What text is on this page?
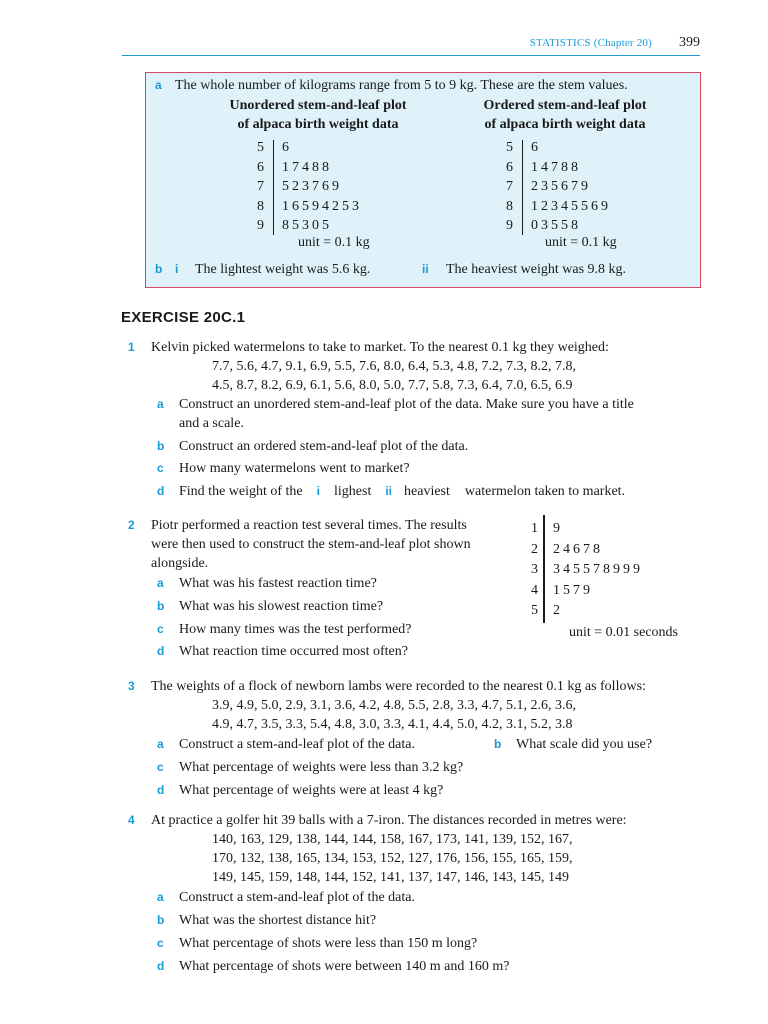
STATISTICS (Chapter 20) 399
a The whole number of kilograms range from 5 to 9 kg. These are the stem values.
Unordered stem-and-leaf plot
of alpaca birth weight data
Ordered stem-and-leaf plot
of alpaca birth weight data
5
6
7
8
9
6
17488
523769
16594253
85305
unit = 0.1 kg
5
6
7
8
9
6
14788
235679
12345569
03558
unit = 0.1 kg
b i The lightest weight was 5.6 kg.	ii The heaviest weight was 9.8 kg.
EXERCISE 20C.1
1 Kelvin picked watermelons to take to market. To the nearest 0.1 kg they weighed:
7.7, 5.6, 4.7, 9.1, 6.9, 5.5, 7.6, 8.0, 6.4, 5.3, 4.8, 7.2, 7.3, 8.2, 7.8,
4.5, 8.7, 8.2, 6.9, 6.1, 5.6, 8.0, 5.0, 7.7, 5.8, 7.3, 6.4, 7.0, 6.5, 6.9
a Construct an unordered stem-and-leaf plot of the data. Make sure you have a title
and a scale.
b Construct an ordered stem-and-leaf plot of the data.
c How many watermelons went to market?
d Find the weight of the i lighest ii heaviest watermelon taken to market.
2 Piotr performed a reaction test several times. The results
were then used to construct the stem-and-leaf plot shown
alongside.
a What was his fastest reaction time?
b What was his slowest reaction time?
c How many times was the test performed?
d What reaction time occurred most often?
1
2
3
4
5
9
24678
345578999
1579
2
unit = 0.01 seconds
3 The weights of a flock of newborn lambs were recorded to the nearest 0.1 kg as follows:
3.9, 4.9, 5.0, 2.9, 3.1, 3.6, 4.2, 4.8, 5.5, 2.8, 3.3, 4.7, 5.1, 2.6, 3.6,
4.9, 4.7, 3.5, 3.3, 5.4, 4.8, 3.0, 3.3, 4.1, 4.4, 5.0, 4.2, 3.1, 5.2, 3.8
a Construct a stem-and-leaf plot of the data.	b What scale did you use?
c What percentage of weights were less than 3.2 kg?
d What percentage of weights were at least 4 kg?
4 At practice a golfer hit 39 balls with a 7-iron. The distances recorded in metres were:
140, 163, 129, 138, 144, 144, 158, 167, 173, 141, 139, 152, 167,
170, 132, 138, 165, 134, 153, 152, 127, 176, 156, 155, 165, 159,
149, 145, 159, 148, 144, 152, 141, 137, 147, 146, 143, 145, 149
a Construct a stem-and-leaf plot of the data.
b What was the shortest distance hit?
c What percentage of shots were less than 150 m long?
d What percentage of shots were between 140 m and 160 m?
